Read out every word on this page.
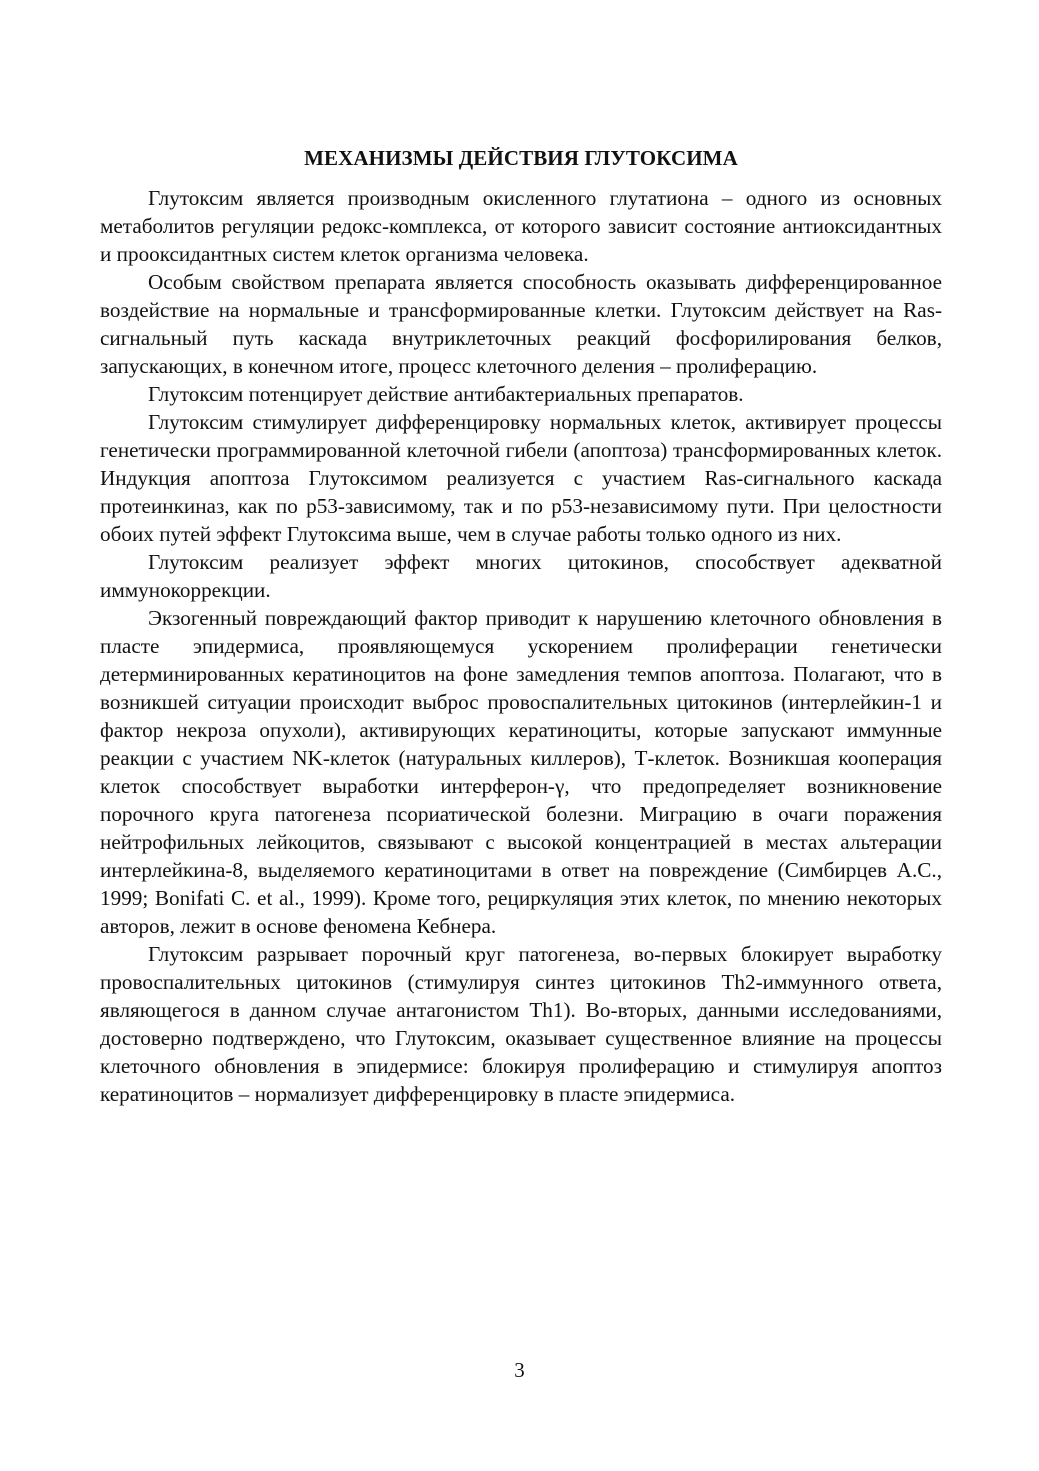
МЕХАНИЗМЫ ДЕЙСТВИЯ ГЛУТОКСИМА

Глутоксим является производным окисленного глутатиона – одного из основных метаболитов регуляции редокс-комплекса, от которого зависит состояние антиоксидантных и прооксидантных систем клеток организма человека.

Особым свойством препарата является способность оказывать дифференцированное воздействие на нормальные и трансформированные клетки. Глутоксим действует на Ras-сигнальный путь каскада внутриклеточных реакций фосфорилирования белков, запускающих, в конечном итоге, процесс клеточного деления – пролиферацию.

Глутоксим потенцирует действие антибактериальных препаратов.

Глутоксим стимулирует дифференцировку нормальных клеток, активирует процессы генетически программированной клеточной гибели (апоптоза) трансформированных клеток. Индукция апоптоза Глутоксимом реализуется с участием Ras-сигнального каскада протеинкиназ, как по р53-зависимому, так и по р53-независимому пути. При целостности обоих путей эффект Глутоксима выше, чем в случае работы только одного из них.

Глутоксим реализует эффект многих цитокинов, способствует адекватной иммунокоррекции.

Экзогенный повреждающий фактор приводит к нарушению клеточного обновления в пласте эпидермиса, проявляющемуся ускорением пролиферации генетически детерминированных кератиноцитов на фоне замедления темпов апоптоза. Полагают, что в возникшей ситуации происходит выброс провоспалительных цитокинов (интерлейкин-1 и фактор некроза опухоли), активирующих кератиноциты, которые запускают иммунные реакции с участием NK-клеток (натуральных киллеров), Т-клеток. Возникшая кооперация клеток способствует выработки интерферон-γ, что предопределяет возникновение порочного круга патогенеза псориатической болезни. Миграцию в очаги поражения нейтрофильных лейкоцитов, связывают с высокой концентрацией в местах альтерации интерлейкина-8, выделяемого кератиноцитами в ответ на повреждение (Симбирцев А.С., 1999; Bonifati C. et al., 1999). Кроме того, рециркуляция этих клеток, по мнению некоторых авторов, лежит в основе феномена Кебнера.

Глутоксим разрывает порочный круг патогенеза, во-первых блокирует выработку провоспалительных цитокинов (стимулируя синтез цитокинов Th2-иммунного ответа, являющегося в данном случае антагонистом Th1). Во-вторых, данными исследованиями, достоверно подтверждено, что Глутоксим, оказывает существенное влияние на процессы клеточного обновления в эпидермисе: блокируя пролиферацию и стимулируя апоптоз кератиноцитов – нормализует дифференцировку в пласте эпидермиса.

3
